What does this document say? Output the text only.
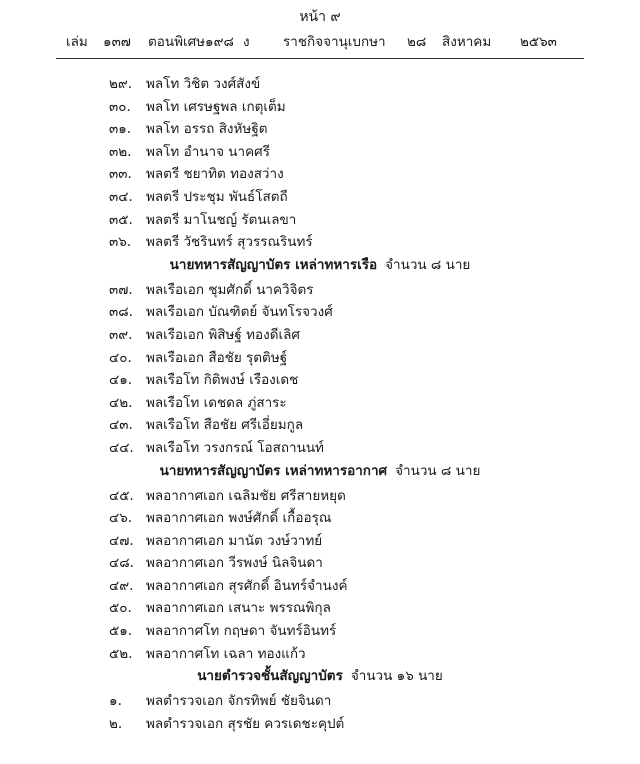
หน้า ๙
เล่ม ๑๓๗ ตอนพิเศษ ๑๙๘ ง ราชกิจจานุเบกษา ๒๘ สิงหาคม ๒๕๖๓
๒๙.	พลโท วิชิต วงศ์สังข์
๓๐.	พลโท เศรษฐพล เกตุเต็ม
๓๑.	พลโท อรรถ สิงหัษฐิต
๓๒.	พลโท อำนาจ นาคศรี
๓๓.	พลตรี ชยาทิต ทองสว่าง
๓๔. พลตรี ประชุม พันธ์โสตถี
๓๕. พลตรี มาโนชญ์ รัตนเลขา
๓๖.	พลตรี วัชรินทร์ สุวรรณรินทร์
นายทหารสัญญาบัตร เหล่าทหารเรือ จำนวน ๘ นาย
๓๗. พลเรือเอก ชุมศักดิ์ นาควิจิตร
๓๘. พลเรือเอก บัณฑิตย์ จันทโรจวงศ์
๓๙.	พลเรือเอก พิสิษฐ์ ทองดีเลิศ
๔๐.	พลเรือเอก สือชัย รุตติษฐ์
๔๑.	พลเรือโท กิติพงษ์ เรืองเดช
๔๒.	พลเรือโท เดชดล ภู่สาระ
๔๓. พลเรือโท สือชัย ศรีเอี่ยมกูล
๔๔. พลเรือโท วรงกรณ์ โอสถานนท์
นายทหารสัญญาบัตร เหล่าทหารอากาศ จำนวน ๘ นาย
๔๕. พลอากาศเอก เฉลิมชัย ศรีสายหยุด
๔๖.	พลอากาศเอก พงษ์ศักดิ์ เกื้ออรุณ
๔๗. พลอากาศเอก มานัต วงษ์วาทย์
๔๘. พลอากาศเอก วีรพงษ์ นิลจินดา
๔๙. พลอากาศเอก สุรศักดิ์ อินทร์จำนงค์
๕๐.	พลอากาศเอก เสนาะ พรรณพิกุล
๕๑.	พลอากาศโท กฤษดา จันทร์อินทร์
๕๒.	พลอากาศโท เฉลา ทองแก้ว
นายตำรวจชั้นสัญญาบัตร จำนวน ๑๖ นาย
๑.	พลตำรวจเอก จักรทิพย์ ชัยจินดา
๒.	พลตำรวจเอก สุรชัย ควรเดชะคุปต์
